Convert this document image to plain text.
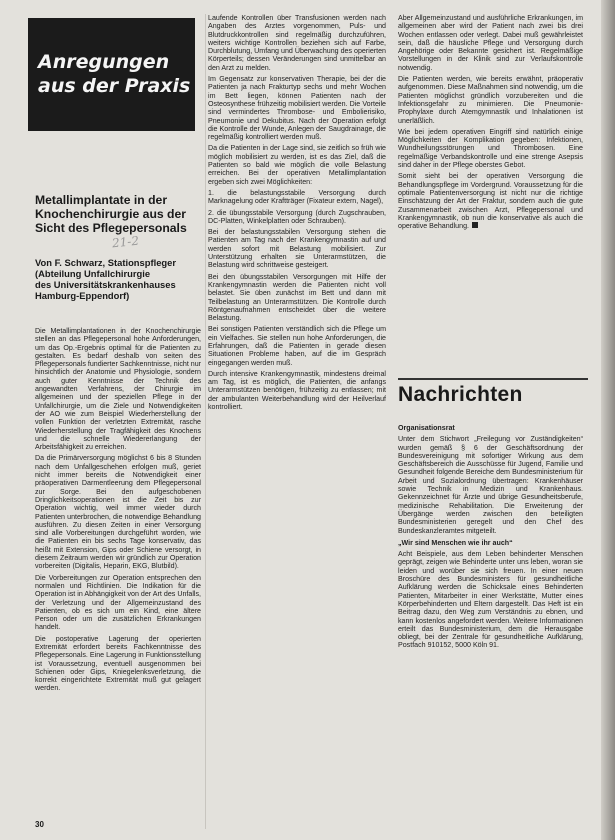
Anregungen
aus der Praxis
Metallimplantate in der
Knochenchirurgie aus der
Sicht des Pflegepersonals
21-2
Von F. Schwarz, Stationspfleger
(Abteilung Unfallchirurgie
des Universitätskrankenhauses
Hamburg-Eppendorf)

Die Metallimplantationen in der Knochenchirurgie stellen an das Pflegepersonal hohe Anforderungen, um das Op.-Ergebnis optimal für die Patienten zu gestalten. Es bedarf deshalb von seiten des Pflegepersonals fundierter Sachkenntnisse, nicht nur hinsichtlich der Anatomie und Physiologie, sondern auch guter Kenntnisse der Technik des angewandten Verfahrens, der Chirurgie im allgemeinen und der speziellen Pflege in der Unfallchirurgie, um die Ziele und Notwendigkeiten der AO wie zum Beispiel Wiederherstellung der vollen Funktion der verletzten Extremität, rasche Wiederherstellung der Tragfähigkeit des Knochens und die schnelle Wiedererlangung der Arbeitsfähigkeit zu erreichen.

Da die Primärversorgung möglichst 6 bis 8 Stunden nach dem Unfallgeschehen erfolgen muß, geriet nicht immer bereits die Notwendigkeit einer präoperativen Darmentleerung dem Pflegepersonal zur Sorge. Bei den aufgeschobenen Dringlichkeitsoperationen ist die Zeit bis zur Operation wichtig, weil immer wieder durch Patienten unterbrochen, die notwendige Behandlung ausführen. Zu diesen Zeiten in einer Versorgung sind alle Vorbereitungen durchgeführt worden, wie die Patienten ein bis sechs Tage konservativ, das heißt mit Extension, Gips oder Schiene versorgt, in diesem Zeitraum werden wir gründlich zur Operation vorbereiten (Digitalis, Heparin, EKG, Blutbild).

Die Vorbereitungen zur Operation entsprechen den normalen und Richtlinien. Die Indikation für die Operation ist in Abhängigkeit von der Art des Unfalls, der Verletzung und der Allgemeinzustand des Patienten, ob es sich um ein Kind, eine ältere Person oder um die zusätzlichen Erkrankungen handelt.

Die postoperative Lagerung der operierten Extremität erfordert bereits Fachkenntnisse des Pflegepersonals. Eine Lagerung in Funktionsstellung ist Voraussetzung, eventuell ausgenommen bei Schienen oder Gips, Kniegelenksverletzung, die korrekt eingerichtete Extremität muß gut gelagert werden.

Laufende Kontrollen über Transfusionen werden nach Angaben des Arztes vorgenommen, Puls- und Blutdruckkontrollen sind regelmäßig durchzuführen, weiters wichtige Kontrollen beziehen sich auf Farbe, Durchblutung, Umfang und Überwachung des operierten Körperteils; dessen Veränderungen sind unmittelbar an den Arzt zu melden.

Im Gegensatz zur konservativen Therapie, bei der die Patienten ja nach Frakturtyp sechs und mehr Wochen im Bett liegen, können Patienten nach der Osteosynthese frühzeitig mobilisiert werden. Die Vorteile sind vermindertes Thrombose- und Embolierisiko, Pneumonie und Dekubitus. Nach der Operation erfolgt die Kontrolle der Wunde, Anlegen der Saugdrainage, die regelmäßig kontrolliert werden muß.

Da die Patienten in der Lage sind, sie zeitlich so früh wie möglich mobilisiert zu werden, ist es das Ziel, daß die Patienten so bald wie möglich die volle Belastung erreichen. Bei der operativen Metallimplantation ergeben sich zwei Möglichkeiten:

1. die belastungsstabile Versorgung durch Marknagelung oder Kraftträger (Fixateur extern, Nagel),

2. die übungsstabile Versorgung (durch Zugschrauben, DC-Platten, Winkelplatten oder Schrauben).

Bei der belastungsstabilen Versorgung stehen die Patienten am Tag nach der Krankengymnastin auf und werden sofort mit Belastung mobilisiert. Zur Unterstützung erhalten sie Unterarmstützen, die Belastung wird schrittweise gesteigert.

Bei den übungsstabilen Versorgungen mit Hilfe der Krankengymnastin werden die Patienten nicht voll belastet. Sie üben zunächst im Bett und dann mit Teilbelastung an Unterarmstützen. Die Kontrolle durch Röntgenaufnahmen entscheidet über die weitere Belastung.

Bei sonstigen Patienten verständlich sich die Pflege um ein Vielfaches. Sie stellen nun hohe Anforderungen, die Erfahrungen, daß die Patienten in gerade diesen Situationen Probleme haben, auf die im Gespräch eingegangen werden muß.

Durch intensive Krankengymnastik, mindestens dreimal am Tag, ist es möglich, die Patienten, die anfangs Unterarmstützen benötigen, frühzeitig zu entlassen; mit der ambulanten Weiterbehandlung wird der Heilverlauf kontrolliert.

Aber Allgemeinzustand und ausführliche Erkrankungen, im allgemeinen aber wird der Patient nach zwei bis drei Wochen entlassen oder verlegt. Dabei muß gewährleistet sein, daß die häusliche Pflege und Versorgung durch Angehörige oder Bekannte gesichert ist. Regelmäßige Vorstellungen in der Klinik sind zur Verlaufskontrolle notwendig.

Die Patienten werden, wie bereits erwähnt, präoperativ aufgenommen. Diese Maßnahmen sind notwendig, um die Patienten möglichst gründlich vorzubereiten und die Infektionsgefahr zu minimieren. Die Pneumonie-Prophylaxe durch Atemgymnastik und Inhalationen ist unerläßlich.

Wie bei jedem operativen Eingriff sind natürlich einige Möglichkeiten der Komplikation gegeben: Infektionen, Wundheilungsstörungen und Thrombosen. Eine regelmäßige Verbandskontrolle und eine strenge Asepsis sind daher in der Pflege oberstes Gebot.

Somit sieht bei der operativen Versorgung die Behandlungspflege im Vordergrund. Voraussetzung für die optimale Patientenversorgung ist nicht nur die richtige Einschätzung der Art der Fraktur, sondern auch die gute Zusammenarbeit zwischen Arzt, Pflegepersonal und Krankengymnastik, ob nun die konservative als auch die operative Behandlung.

Nachrichten

Organisationsrat

Unter dem Stichwort „Freilegung vor Zuständigkeiten“ wurden gemäß § 6 der Geschäftsordnung der Bundesvereinigung mit sofortiger Wirkung aus dem Geschäftsbereich die Ausschüsse für Jugend, Familie und Gesundheit folgende Bereiche dem Bundesministerium für Arbeit und Sozialordnung übertragen: Krankenhäuser sowie Technik in Medizin und Krankenhaus. Gekennzeichnet für Ärzte und übrige Gesundheitsberufe, medizinische Rehabilitation. Die Erweiterung der Übergänge werden zwischen den beteiligten Bundesministerien geregelt und den Chef des Bundeskanzleramtes mitgeteilt.

„Wir sind Menschen wie ihr auch“

Acht Beispiele, aus dem Leben behinderter Menschen geprägt, zeigen wie Behinderte unter uns leben, woran sie leiden und worüber sie sich freuen. In einer neuen Broschüre des Bundesministers für gesundheitliche Aufklärung werden die Schicksale eines Behinderten Patienten, Mitarbeiter in einer Werkstätte, Mutter eines Körperbehinderten und Eltern dargestellt. Das Heft ist ein Beitrag dazu, den Weg zum Verständnis zu ebnen, und kann kostenlos angefordert werden. Weitere Informationen erteilt das Bundesministerium, dem die Herausgabe obliegt, bei der Zentrale für gesundheitliche Aufklärung, Postfach 910152, 5000 Köln 91.

30
